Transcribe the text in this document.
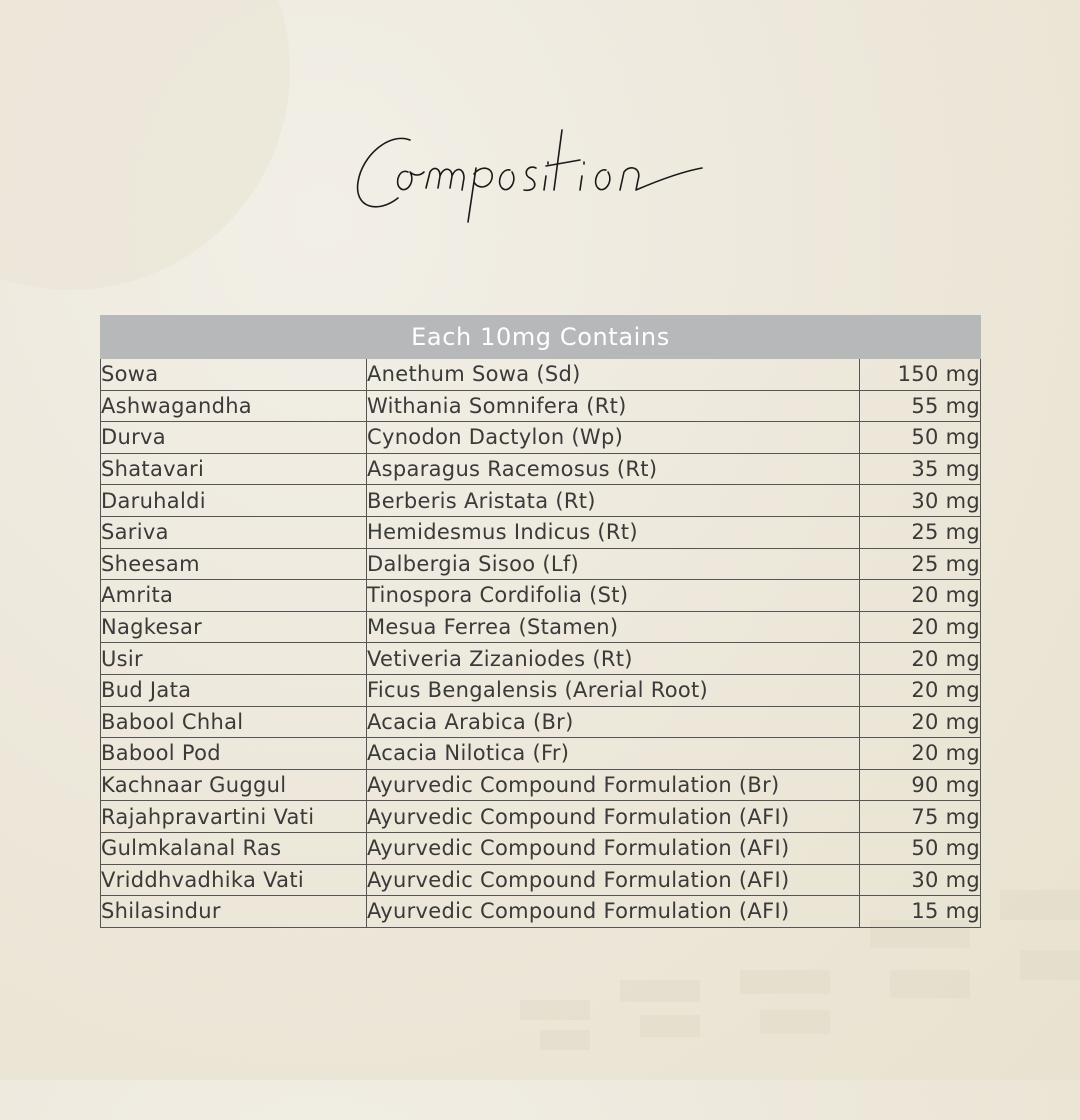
Each 10mg Contains		
Sowa	Anethum Sowa (Sd)	150 mg
Ashwagandha	Withania Somnifera (Rt)	55 mg
Durva	Cynodon Dactylon (Wp)	50 mg
Shatavari	Asparagus Racemosus (Rt)	35 mg
Daruhaldi	Berberis Aristata (Rt)	30 mg
Sariva	Hemidesmus Indicus (Rt)	25 mg
Sheesam	Dalbergia Sisoo (Lf)	25 mg
Amrita	Tinospora Cordifolia (St)	20 mg
Nagkesar	Mesua Ferrea (Stamen)	20 mg
Usir	Vetiveria Zizaniodes (Rt)	20 mg
Bud Jata	Ficus Bengalensis (Arerial Root)	20 mg
Babool Chhal	Acacia Arabica (Br)	20 mg
Babool Pod	Acacia Nilotica (Fr)	20 mg
Kachnaar Guggul	Ayurvedic Compound Formulation (Br)	90 mg
Rajahpravartini Vati	Ayurvedic Compound Formulation (AFI)	75 mg
Gulmkalanal Ras	Ayurvedic Compound Formulation (AFI)	50 mg
Vriddhvadhika Vati	Ayurvedic Compound Formulation (AFI)	30 mg
Shilasindur	Ayurvedic Compound Formulation (AFI)	15 mg
